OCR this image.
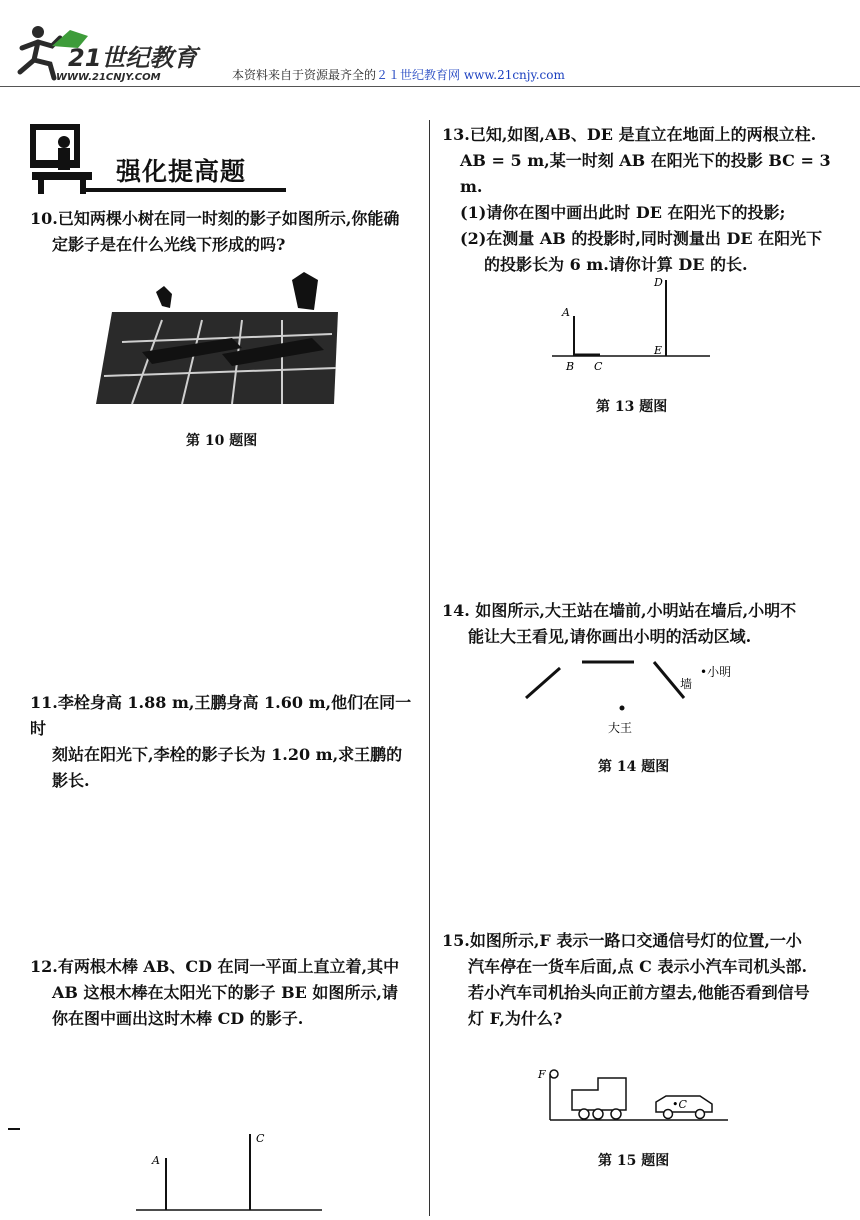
21世纪教育
WWW.21CNJY.COM	本资料来自于资源最齐全的２１世纪教育网 www.21cnjy.com
强化提高题
10.已知两棵小树在同一时刻的影子如图所示,你能确
定影子是在什么光线下形成的吗?
第 10 题图
11.李栓身高 1.88 m,王鹏身高 1.60 m,他们在同一时
刻站在阳光下,李栓的影子长为 1.20 m,求王鹏的
影长.
12.有两根木棒 AB、CD 在同一平面上直立着,其中
AB 这根木棒在太阳光下的影子 BE 如图所示,请
你在图中画出这时木棒 CD 的影子.
A
C
13.已知,如图,AB、DE 是直立在地面上的两根立柱.
AB = 5 m,某一时刻 AB 在阳光下的投影 BC = 3 m.
(1)请你在图中画出此时 DE 在阳光下的投影;
(2)在测量 AB 的投影时,同时测量出 DE 在阳光下
的投影长为 6 m.请你计算 DE 的长.
A
B C
D
E
第 13 题图
14. 如图所示,大王站在墙前,小明站在墙后,小明不
能让大王看见,请你画出小明的活动区域.
墙
•小明
大王
第 14 题图
15.如图所示,F 表示一路口交通信号灯的位置,一小
汽车停在一货车后面,点 C 表示小汽车司机头部.
若小汽车司机抬头向正前方望去,他能否看到信号
灯 F,为什么?
F
•C
第 15 题图
